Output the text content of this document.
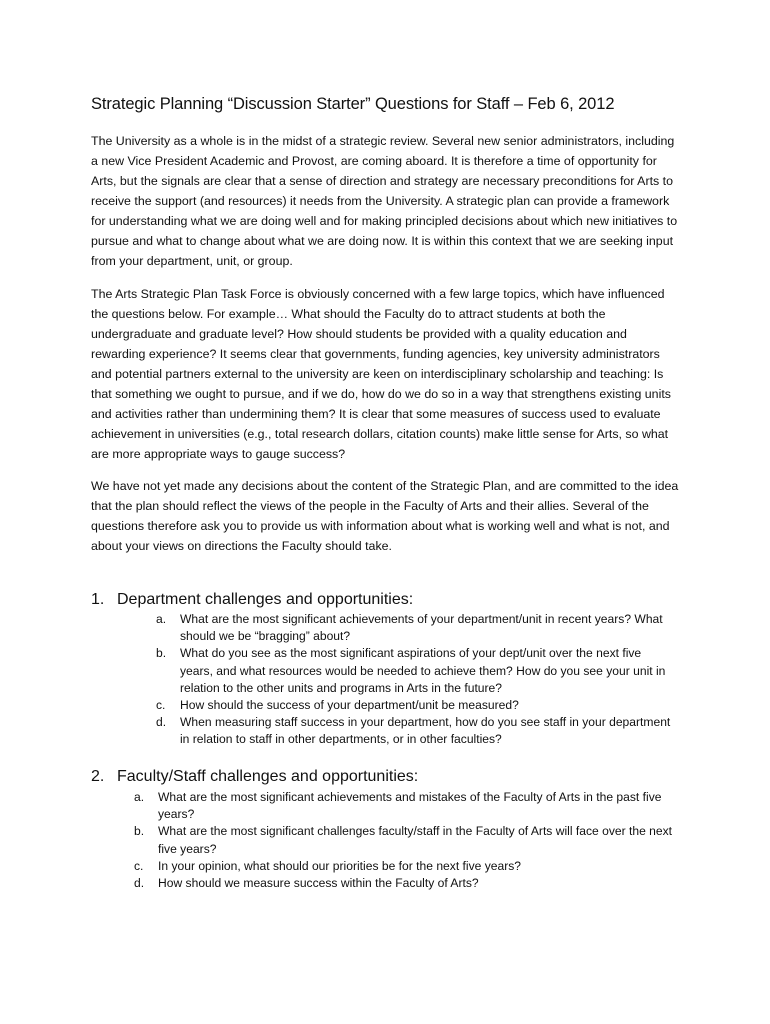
Strategic Planning “Discussion Starter” Questions for Staff – Feb 6, 2012

The University as a whole is in the midst of a strategic review. Several new senior administrators, including a new Vice President Academic and Provost, are coming aboard. It is therefore a time of opportunity for Arts, but the signals are clear that a sense of direction and strategy are necessary preconditions for Arts to receive the support (and resources) it needs from the University. A strategic plan can provide a framework for understanding what we are doing well and for making principled decisions about which new initiatives to pursue and what to change about what we are doing now. It is within this context that we are seeking input from your department, unit, or group.

The Arts Strategic Plan Task Force is obviously concerned with a few large topics, which have influenced the questions below. For example… What should the Faculty do to attract students at both the undergraduate and graduate level? How should students be provided with a quality education and rewarding experience? It seems clear that governments, funding agencies, key university administrators and potential partners external to the university are keen on interdisciplinary scholarship and teaching: Is that something we ought to pursue, and if we do, how do we do so in a way that strengthens existing units and activities rather than undermining them? It is clear that some measures of success used to evaluate achievement in universities (e.g., total research dollars, citation counts) make little sense for Arts, so what are more appropriate ways to gauge success?

We have not yet made any decisions about the content of the Strategic Plan, and are committed to the idea that the plan should reflect the views of the people in the Faculty of Arts and their allies. Several of the questions therefore ask you to provide us with information about what is working well and what is not, and about your views on directions the Faculty should take.

1. Department challenges and opportunities:
a.	What are the most significant achievements of your department/unit in recent years? What should we be “bragging” about?
b.	What do you see as the most significant aspirations of your dept/unit over the next five years, and what resources would be needed to achieve them? How do you see your unit in relation to the other units and programs in Arts in the future?
c.	How should the success of your department/unit be measured?
d.	When measuring staff success in your department, how do you see staff in your department in relation to staff in other departments, or in other faculties?
2. Faculty/Staff challenges and opportunities:
a.	What are the most significant achievements and mistakes of the Faculty of Arts in the past five years?
b.	What are the most significant challenges faculty/staff in the Faculty of Arts will face over the next five years?
c.	In your opinion, what should our priorities be for the next five years?
d.	How should we measure success within the Faculty of Arts?
